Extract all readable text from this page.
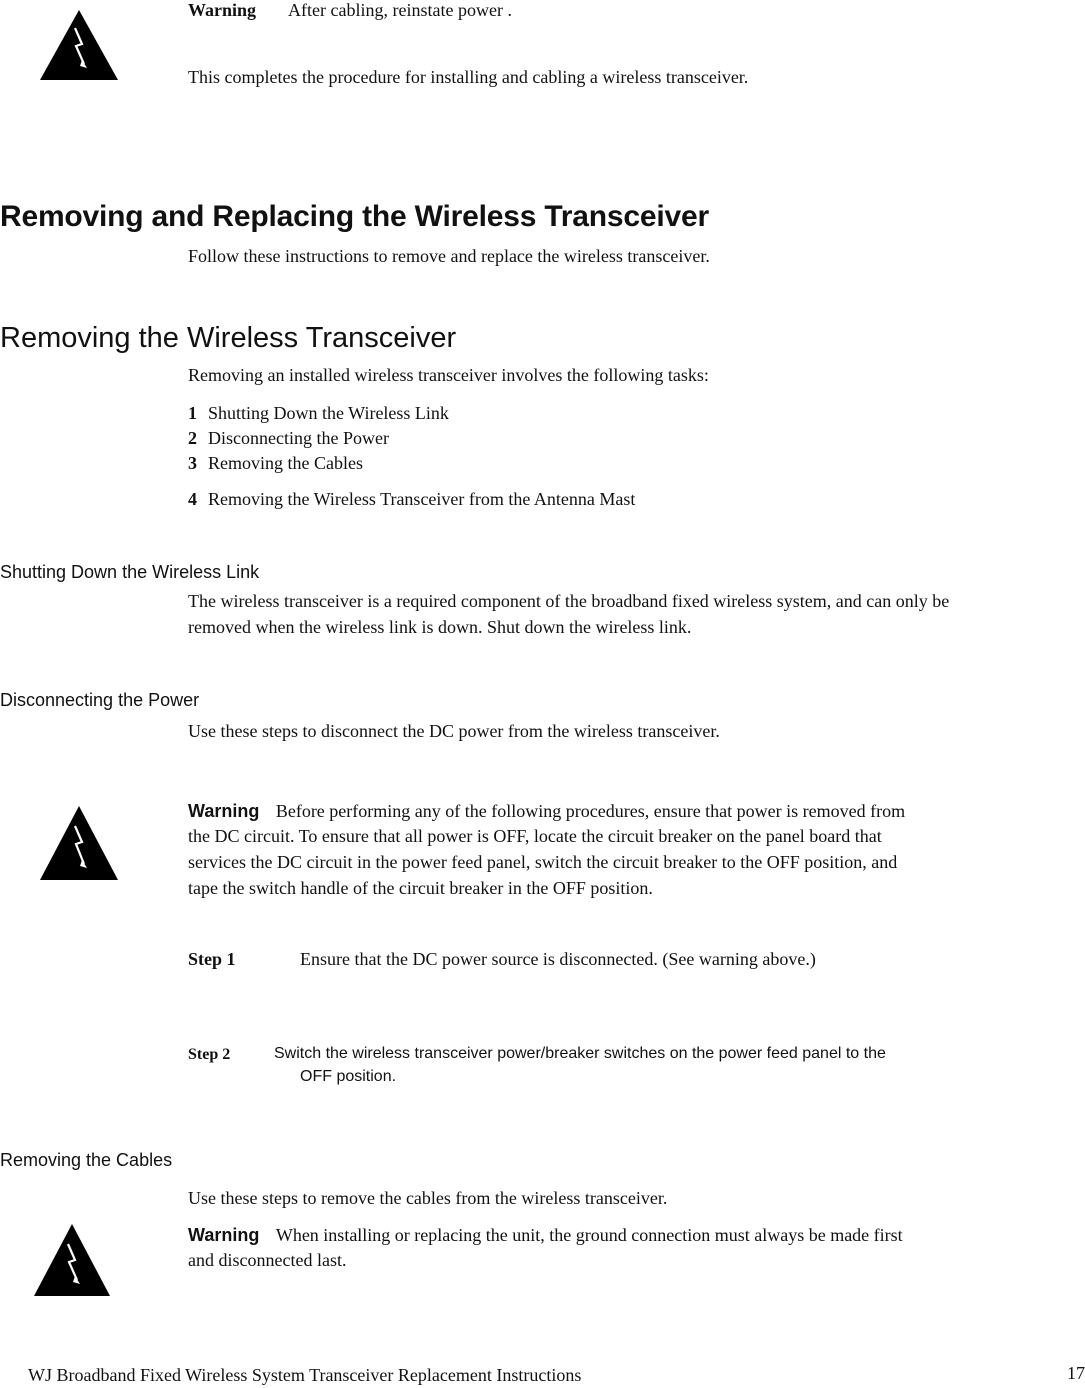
Warning After cabling, reinstate power .
This completes the procedure for installing and cabling a wireless transceiver.
Removing and Replacing the Wireless Transceiver
Follow these instructions to remove and replace the wireless transceiver.
Removing the Wireless Transceiver
Removing an installed wireless transceiver involves the following tasks:
1 Shutting Down the Wireless Link
2 Disconnecting the Power
3 Removing the Cables
4 Removing the Wireless Transceiver from the Antenna Mast
Shutting Down the Wireless Link
The wireless transceiver is a required component of the broadband fixed wireless system, and can only be
removed when the wireless link is down. Shut down the wireless link.
Disconnecting the Power
Use these steps to disconnect the DC power from the wireless transceiver.
Warning Before performing any of the following procedures, ensure that power is removed from
the DC circuit. To ensure that all power is OFF, locate the circuit breaker on the panel board that
services the DC circuit in the power feed panel, switch the circuit breaker to the OFF position, and
tape the switch handle of the circuit breaker in the OFF position.
Step 1	Ensure that the DC power source is disconnected. (See warning above.)
Step 2	Switch the wireless transceiver power/breaker switches on the power feed panel to the
OFF position.
Removing the Cables
Use these steps to remove the cables from the wireless transceiver.
Warning When installing or replacing the unit, the ground connection must always be made first
and disconnected last.
WJ Broadband Fixed Wireless System Transceiver Replacement Instructions	17
